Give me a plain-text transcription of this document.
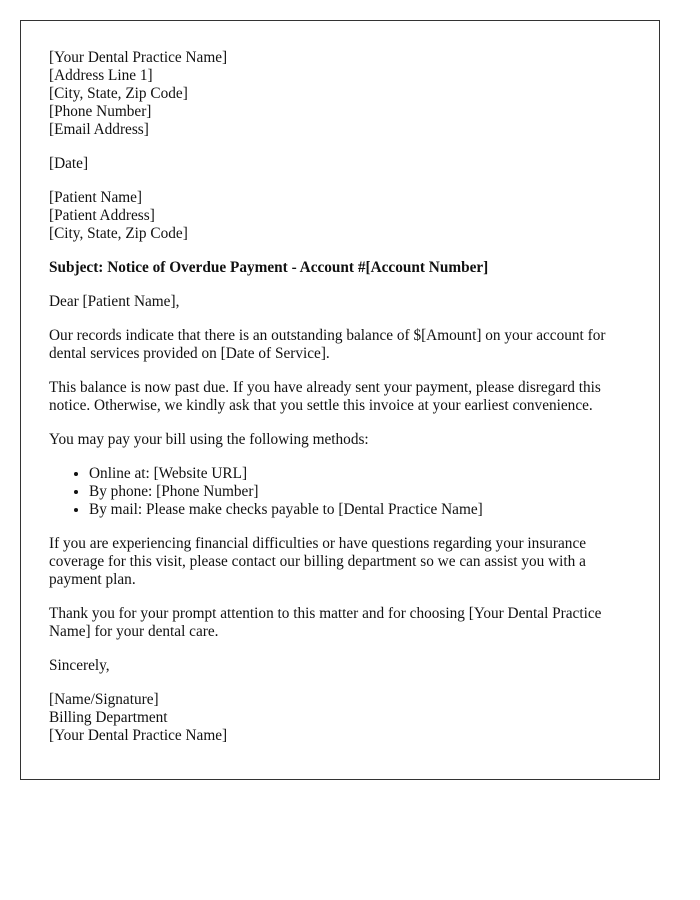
[Your Dental Practice Name]
[Address Line 1]
[City, State, Zip Code]
[Phone Number]
[Email Address]

[Date]

[Patient Name]
[Patient Address]
[City, State, Zip Code]

Subject: Notice of Overdue Payment - Account #[Account Number]

Dear [Patient Name],

Our records indicate that there is an outstanding balance of $[Amount] on your account for dental services provided on [Date of Service].

This balance is now past due. If you have already sent your payment, please disregard this notice. Otherwise, we kindly ask that you settle this invoice at your earliest convenience.

You may pay your bill using the following methods:

• Online at: [Website URL]
• By phone: [Phone Number]
• By mail: Please make checks payable to [Dental Practice Name]

If you are experiencing financial difficulties or have questions regarding your insurance coverage for this visit, please contact our billing department so we can assist you with a payment plan.

Thank you for your prompt attention to this matter and for choosing [Your Dental Practice Name] for your dental care.

Sincerely,

[Name/Signature]
Billing Department
[Your Dental Practice Name]
